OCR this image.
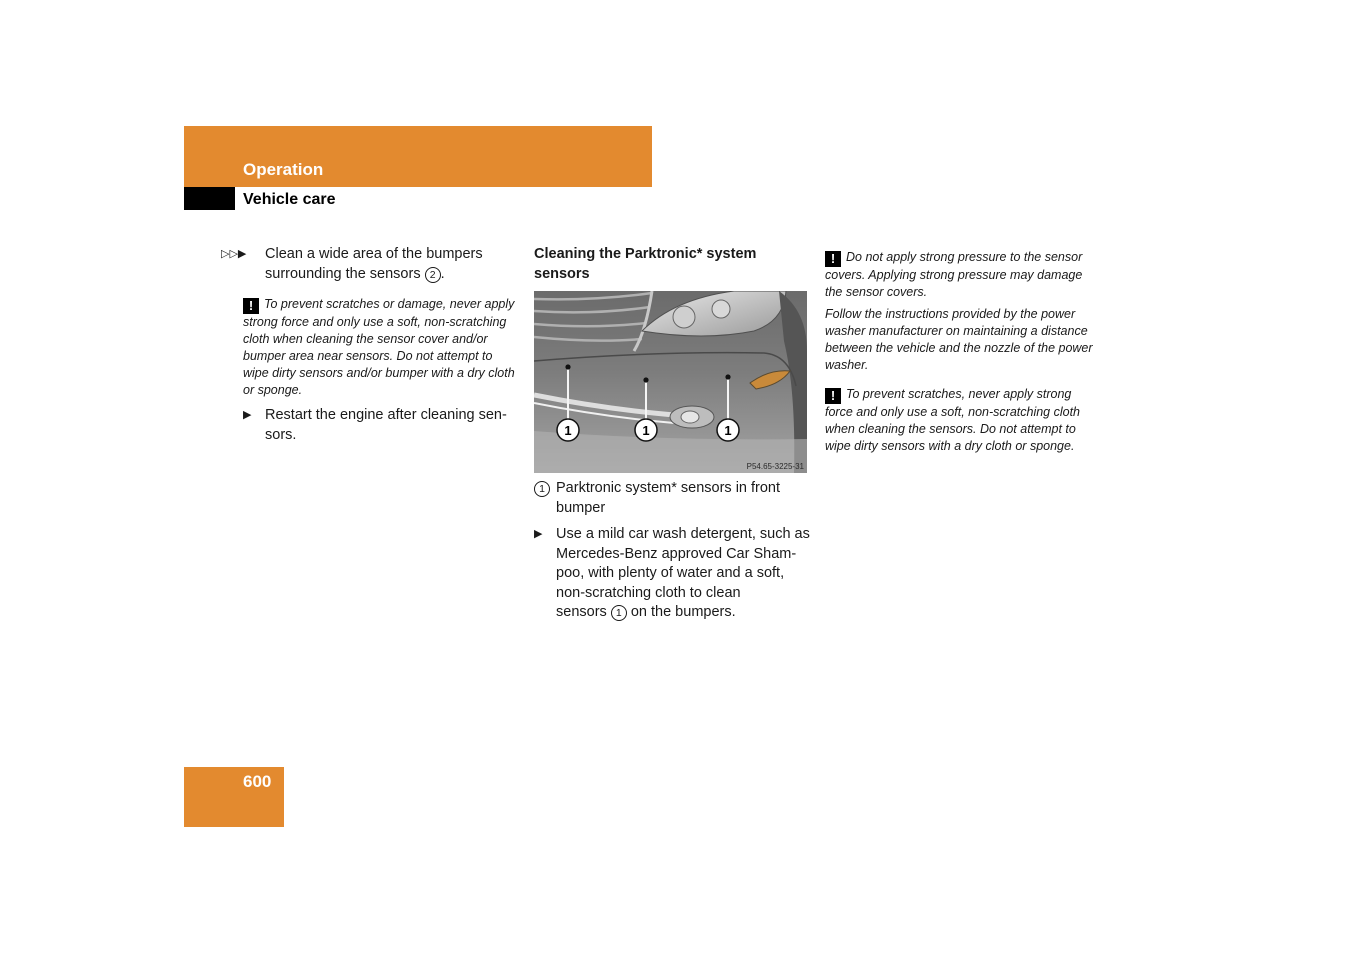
Operation
Vehicle care
▷▷▶	Clean a wide area of the bumpers surrounding the sensors 2 .
! To prevent scratches or damage, never apply strong force and only use a soft, non-scratching cloth when cleaning the sensor cover and/or bumper area near sensors. Do not attempt to wipe dirty sensors and/or bumper with a dry cloth or sponge.
▶ Restart the engine after cleaning sen-
sors.
Cleaning the Parktronic* system
sensors
1	1	1
P54.65-3225-31
1 Parktronic system* sensors in front
bumper
▶ Use a mild car wash detergent, such as
Mercedes-Benz approved Car Sham-
poo, with plenty of water and a soft,
non-scratching cloth to clean
sensors 1 on the bumpers.
! Do not apply strong pressure to the sensor covers. Applying strong pressure may damage the sensor covers.
Follow the instructions provided by the power washer manufacturer on maintaining a distance between the vehicle and the nozzle of the power washer.
! To prevent scratches, never apply strong force and only use a soft, non-scratching cloth when cleaning the sensors. Do not attempt to wipe dirty sensors with a dry cloth or sponge.
600
